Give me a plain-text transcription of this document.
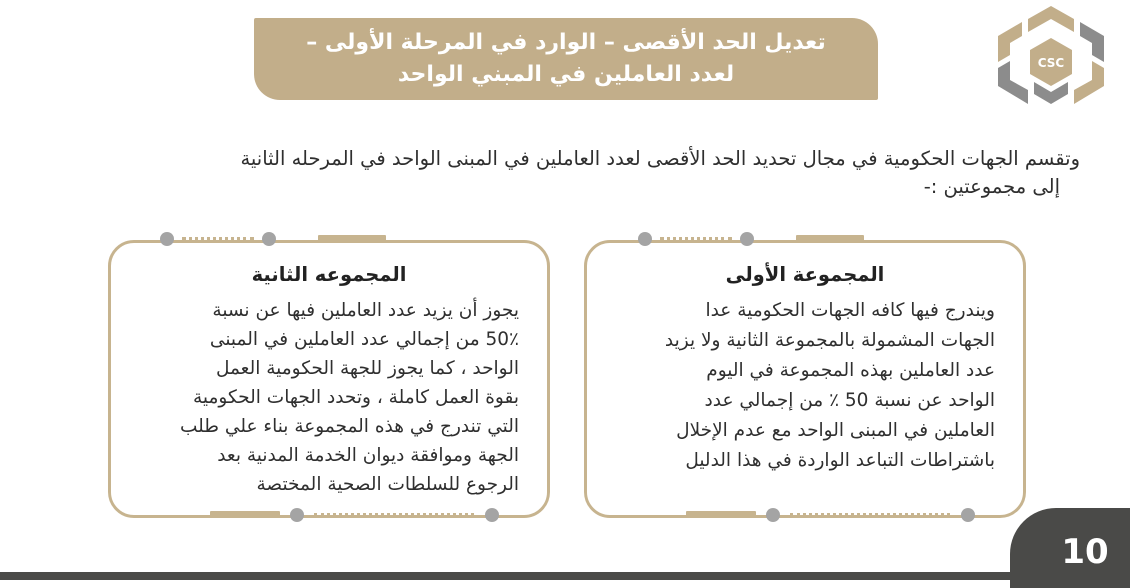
CSC
تعديل الحد الأقصى – الوارد في المرحلة الأولى –
لعدد العاملين في المبني الواحد
وتقسم الجهات الحكومية في مجال تحديد الحد الأقصى لعدد العاملين في المبنى الواحد في المرحله الثانية
إلى مجموعتين :-
المجموعة الأولى
ويندرج فيها كافه الجهات الحكومية عدا
الجهات المشمولة بالمجموعة الثانية ولا يزيد
عدد العاملين بهذه المجموعة في اليوم
الواحد عن نسبة 50 ٪ من إجمالي عدد
العاملين في المبنى الواحد مع عدم الإخلال
باشتراطات التباعد الواردة في هذا الدليل
المجموعه الثانية
يجوز أن يزيد عدد العاملين فيها عن نسبة
50٪ من إجمالي عدد العاملين في المبنى
الواحد ، كما يجوز للجهة الحكومية العمل
بقوة العمل كاملة ، وتحدد الجهات الحكومية
التي تندرج في هذه المجموعة بناء علي طلب
الجهة وموافقة ديوان الخدمة المدنية بعد
الرجوع للسلطات الصحية المختصة
10
